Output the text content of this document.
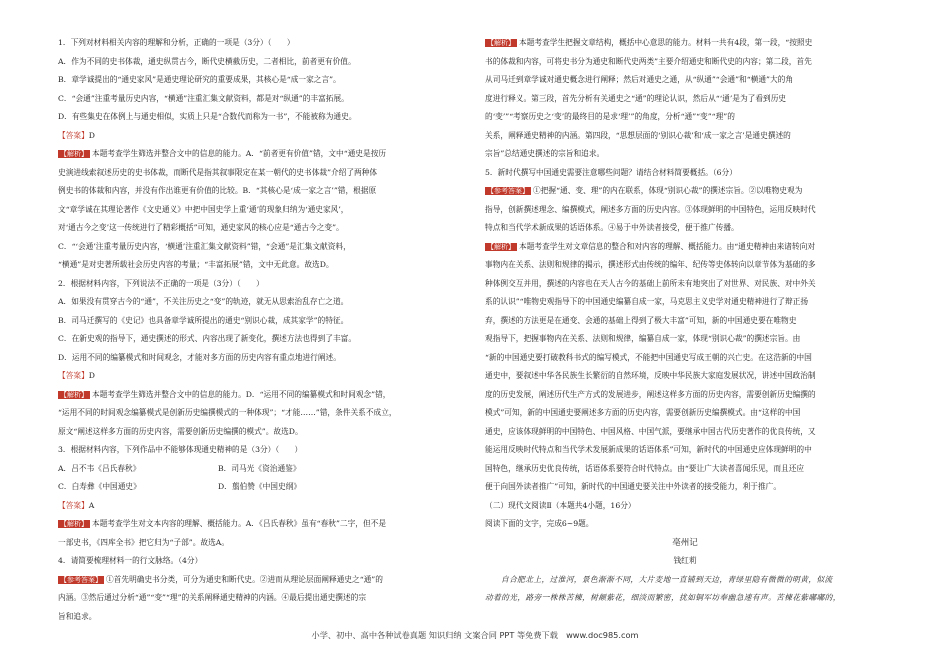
1．下列对材料相关内容的理解和分析，正确的一项是（3分）（　　）

A．作为不同的史书体裁，通史纵贯古今，断代史横截历史，二者相比，前者更有价值。

B．章学诚提出的“通史家风”是通史理论研究的重要成果，其核心是“成一家之言”。

C．“会通”注重考量历史内容，“横通”注重汇集文献资料，都是对“纵通”的丰富拓展。

D．有些集史在体例上与通史相似，实质上只是“合数代而称为一书”，不能被称为通史。

【答案】D

【解析】 本题考查学生筛选并整合文中的信息的能力。A．“前者更有价值”错，文中“通史是按历

史演进线索叙述历史的史书体裁，而断代是指其叙事限定在某一朝代的史书体裁”介绍了两种体

例史书的体裁和内容，并没有作出谁更有价值的比较。B．“其核心是‘成一家之言’”错，根据原

文“章学诚在其理论著作《文史通义》中把中国史学上重‘通’的现象归纳为‘通史家风’，

对‘通古今之变’这一传统进行了精彩概括”可知，通史家风的核心应是“通古今之变”。

C．“‘会通’注重考量历史内容，‘横通’注重汇集文献资料”错，“会通”是汇集文献资料，

“横通”是对史著所载社会历史内容的考量；“丰富拓展”错，文中无此意。故选D。

2．根据材料内容，下列说法不正确的一项是（3分）（　　）

A．如果没有贯穿古今的“通”，不关注历史之“变”的轨迹，就无从思索治乱存亡之道。

B．司马迁撰写的《史记》也具备章学诚所提出的通史“别识心裁，成其家学”的特征。

C．在新史观的指导下，通史撰述的形式、内容出现了新变化，撰述方法也得到了丰富。

D．运用不同的编纂模式和时间观念，才能对多方面的历史内容有重点地进行阐述。

【答案】D

【解析】 本题考查学生筛选并整合文中的信息的能力。D．“运用不同的编纂模式和时间观念”错，

“运用不同的时间观念编纂模式是创新历史编撰模式的一种体现”；“才能……”错，条件关系不成立，

原文“阐述这样多方面的历史内容，需要创新历史编撰的模式”。故选D。

3．根据材料内容，下列作品中不能够体现通史精神的是（3分）（　　）

A．吕不韦《吕氏春秋》	B．司马光《资治通鉴》
C．白寿彝《中国通史》	D．翦伯赞《中国史纲》

【答案】A

【解析】 本题考查学生对文本内容的理解、概括能力。A．《吕氏春秋》虽有“春秋”二字，但不是

一部史书，《四库全书》把它归为“子部”。故选A。

4．请简要梳理材料一的行文脉络。（4分）

【参考答案】 ①首先明确史书分类，可分为通史和断代史。②进而从理论层面阐释通史之“通”的

内涵。③然后通过分析“通”“变”“理”的关系阐释通史精神的内涵。④最后提出通史撰述的宗

旨和追求。

【解析】 本题考查学生把握文章结构，概括中心意思的能力。材料一共有4段，第一段，“按照史

书的体裁和内容，可将史书分为通史和断代史两类”主要介绍通史和断代史的内容；第二段，首先

从司马迁到章学诚对通史概念进行阐释；然后对通史之通，从“纵通”“会通”和“横通”大的角

度进行释义。第三段，首先分析有关通史之“通”的理论认识，然后从“‘通’是为了看到历史

的‘变’”“考察历史之‘变’的最终目的是求‘理’”的角度，分析“通”“变”“理”的

关系，阐释通史精神的内涵。第四段，“思想层面的‘别识心裁’和‘成一家之言’是通史撰述的

宗旨”总结通史撰述的宗旨和追求。

5．新时代撰写中国通史需要注意哪些问题？请结合材料简要概括。（6分）

【参考答案】 ①把握“通、变、理”的内在联系，体现“别识心裁”的撰述宗旨。②以唯物史观为

指导，创新撰述理念、编撰模式，阐述多方面的历史内容。③体现鲜明的中国特色，运用反映时代

特点和当代学术新成果的话语体系。④易于中外读者接受，便于推广传播。

【解析】 本题考查学生对文章信息的整合和对内容的理解、概括能力。由“通史精神由来诸转向对

事物内在关系、法则和规律的揭示，撰述形式由传统的编年、纪传等史体转向以章节体为基础的多

种体例交互并用，撰述的内容也在天人古今的基础上前所未有地突出了对世界、对民族、对中外关

系的认识”“唯物史观指导下的中国通史编纂自成一家，马克思主义史学对通史精神进行了辩正扬

弃，撰述的方法更是在通变、会通的基础上得到了极大丰富”可知，新的中国通史要在唯物史

观指导下，把握事物内在关系、法则和规律，编纂自成一家，体现“别识心裁”的撰述宗旨。由

“新的中国通史要打破教科书式的编写模式，不能把中国通史写成王朝的兴亡史。在这浩新的中国

通史中，要叙述中华各民族生长繁衍的自然环境，反映中华民族大家庭发展状况，讲述中国政治制

度的历史发展，阐述历代生产方式的发展进步，阐述这样多方面的历史内容，需要创新历史编撰的

模式”可知，新的中国通史要阐述多方面的历史内容，需要创新历史编撰模式。由“这样的中国

通史，应该体现鲜明的中国特色、中国风格、中国气派，要继承中国古代历史著作的优良传统，又

能运用反映时代特点和当代学术发展新成果的话语体系”可知，新时代的中国通史应体现鲜明的中

国特色，继承历史优良传统，话语体系要符合时代特点。由“要让广大读者喜闻乐见，而且还应

便于向国外读者推广”可知，新时代的中国通史要关注中外读者的接受能力，利于推广。

（二）现代文阅读Ⅱ（本题共4小题，16分）

阅读下面的文字，完成6~9题。

亳州记

钱红莉

自合肥北上，过淮河，景色渐渐不同，大片麦地一直铺到天边，青绿里隐有微微的明黄，似流

动着的光，路旁一株株苦楝，树颠紫花，细淡而繁密，扰如铜军坊奉幽急速有声。苦楝花紫嘟嘟的，

小学、初中、高中各种试卷真题 知识归纳 文案合同 PPT 等免费下载　www.doc985.com
